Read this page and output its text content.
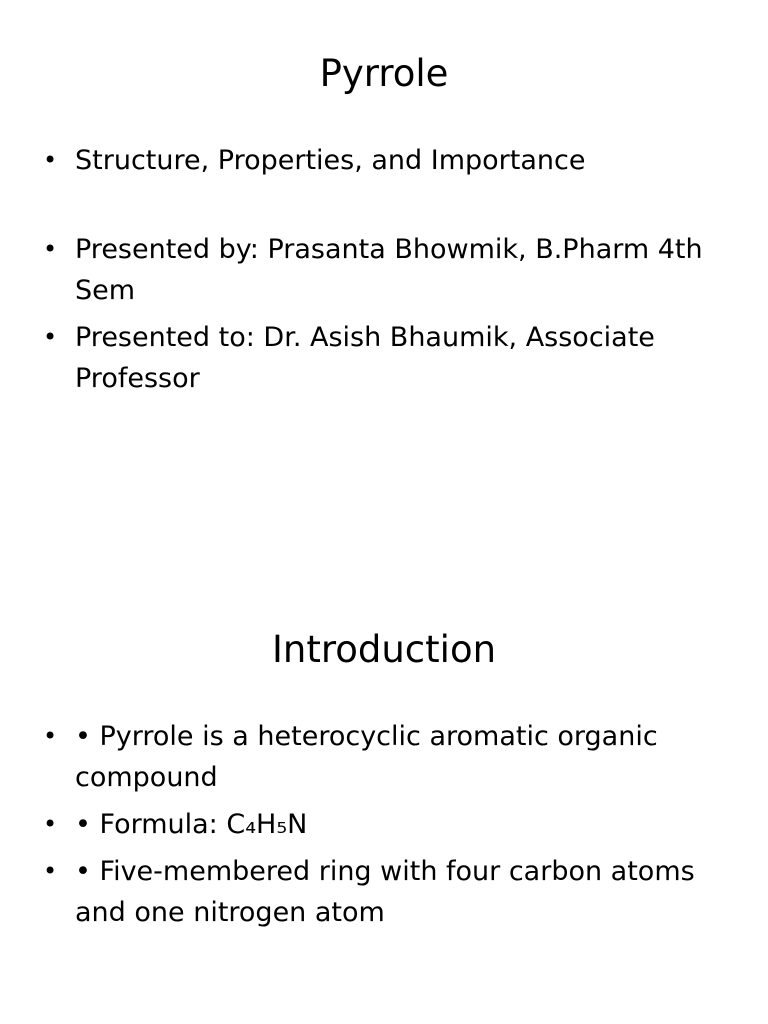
Pyrrole
• Structure, Properties, and Importance
• Presented by: Prasanta Bhowmik, B.Pharm 4th Sem
• Presented to: Dr. Asish Bhaumik, Associate Professor
Introduction
• • Pyrrole is a heterocyclic aromatic organic compound
• • Formula: C₄H₅N
• • Five-membered ring with four carbon atoms and one nitrogen atom
